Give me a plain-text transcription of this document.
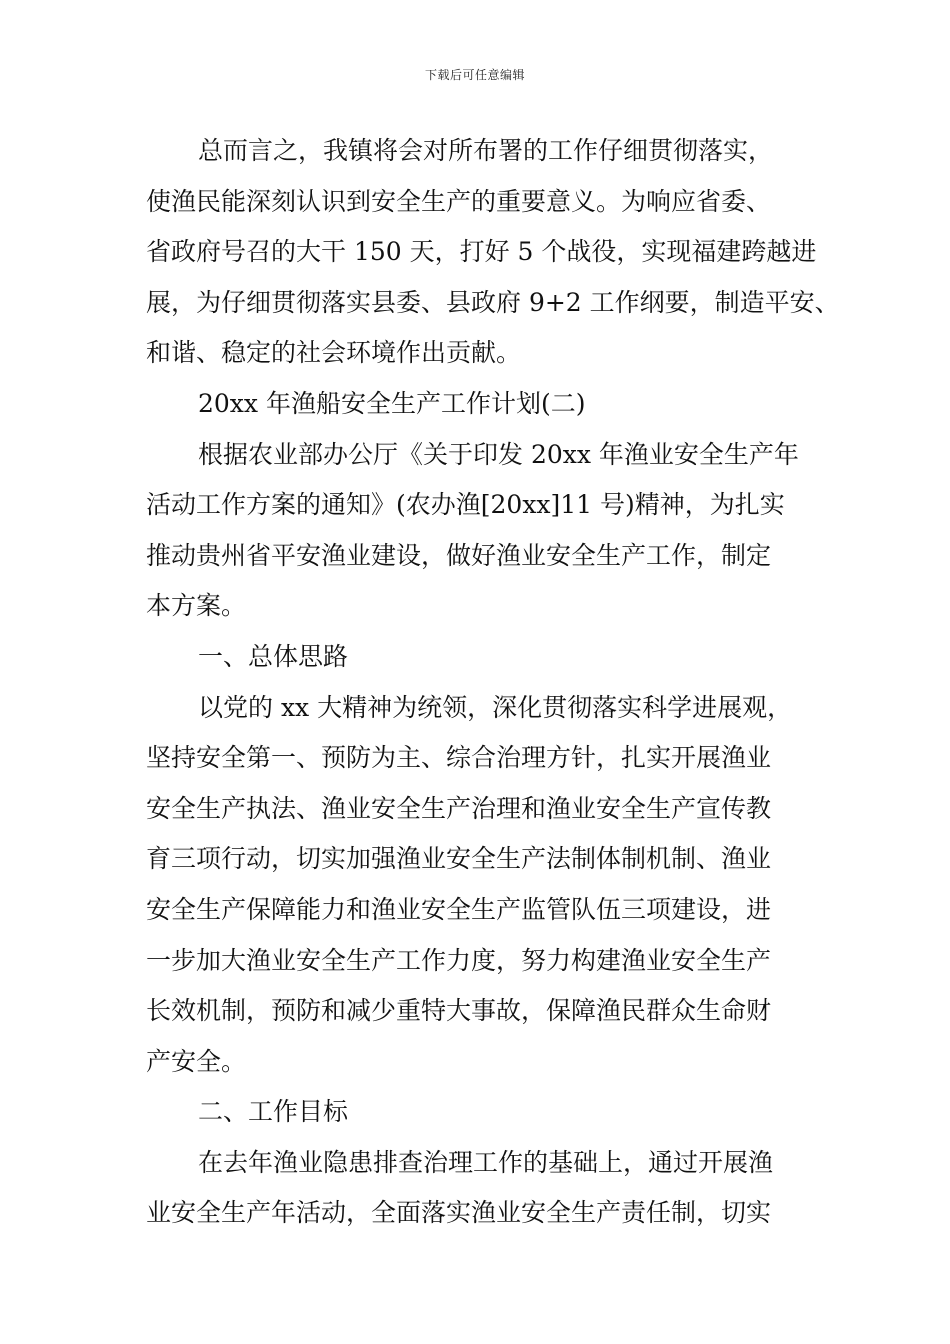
下载后可任意编辑
总而言之，我镇将会对所布署的工作仔细贯彻落实，
使渔民能深刻认识到安全生产的重要意义。为响应省委、
省政府号召的大干 150 天，打好 5 个战役，实现福建跨越进
展，为仔细贯彻落实县委、县政府 9+2 工作纲要，制造平安、
和谐、稳定的社会环境作出贡献。
20xx 年渔船安全生产工作计划(二)
根据农业部办公厅《关于印发 20xx 年渔业安全生产年
活动工作方案的通知》(农办渔[20xx]11 号)精神，为扎实
推动贵州省平安渔业建设，做好渔业安全生产工作，制定
本方案。
一、总体思路
以党的 xx 大精神为统领，深化贯彻落实科学进展观，
坚持安全第一、预防为主、综合治理方针，扎实开展渔业
安全生产执法、渔业安全生产治理和渔业安全生产宣传教
育三项行动，切实加强渔业安全生产法制体制机制、渔业
安全生产保障能力和渔业安全生产监管队伍三项建设，进
一步加大渔业安全生产工作力度，努力构建渔业安全生产
长效机制，预防和减少重特大事故，保障渔民群众生命财
产安全。
二、工作目标
在去年渔业隐患排查治理工作的基础上，通过开展渔
业安全生产年活动，全面落实渔业安全生产责任制，切实
